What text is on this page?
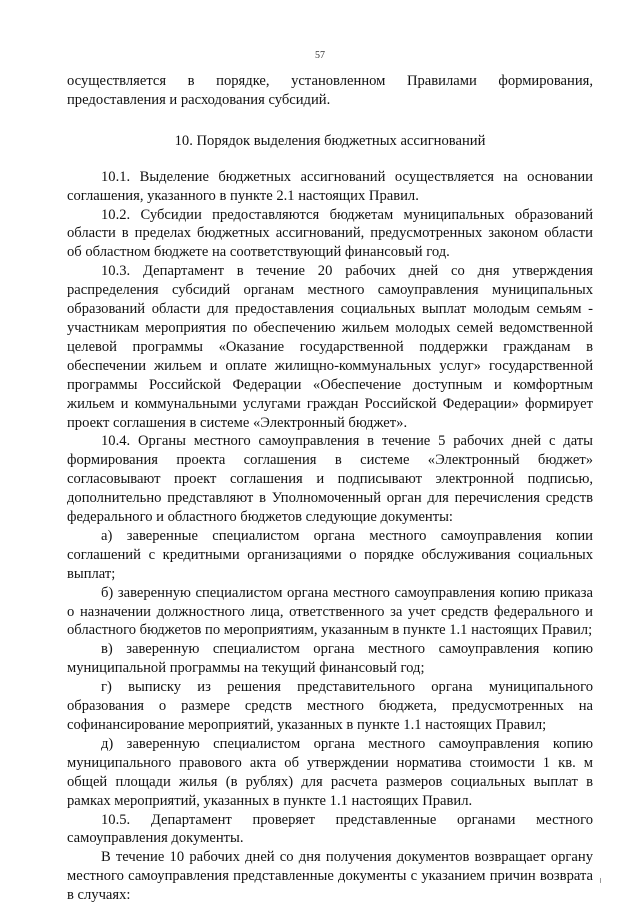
57

осуществляется в порядке, установленном Правилами формирования, предоставления и расходования субсидий.

10. Порядок выделения бюджетных ассигнований

10.1. Выделение бюджетных ассигнований осуществляется на основании соглашения, указанного в пункте 2.1 настоящих Правил.

10.2. Субсидии предоставляются бюджетам муниципальных образований области в пределах бюджетных ассигнований, предусмотренных законом области об областном бюджете на соответствующий финансовый год.

10.3. Департамент в течение 20 рабочих дней со дня утверждения распределения субсидий органам местного самоуправления муниципальных образований области для предоставления социальных выплат молодым семьям - участникам мероприятия по обеспечению жильем молодых семей ведомственной целевой программы «Оказание государственной поддержки гражданам в обеспечении жильем и оплате жилищно-коммунальных услуг» государственной программы Российской Федерации «Обеспечение доступным и комфортным жильем и коммунальными услугами граждан Российской Федерации» формирует проект соглашения в системе «Электронный бюджет».

10.4. Органы местного самоуправления в течение 5 рабочих дней с даты формирования проекта соглашения в системе «Электронный бюджет» согласовывают проект соглашения и подписывают электронной подписью, дополнительно представляют в Уполномоченный орган для перечисления средств федерального и областного бюджетов следующие документы:

а) заверенные специалистом органа местного самоуправления копии соглашений с кредитными организациями о порядке обслуживания социальных выплат;

б) заверенную специалистом органа местного самоуправления копию приказа о назначении должностного лица, ответственного за учет средств федерального и областного бюджетов по мероприятиям, указанным в пункте 1.1 настоящих Правил;

в) заверенную специалистом органа местного самоуправления копию муниципальной программы на текущий финансовый год;

г) выписку из решения представительного органа муниципального образования о размере средств местного бюджета, предусмотренных на софинансирование мероприятий, указанных в пункте 1.1 настоящих Правил;

д) заверенную специалистом органа местного самоуправления копию муниципального правового акта об утверждении норматива стоимости 1 кв. м общей площади жилья (в рублях) для расчета размеров социальных выплат в рамках мероприятий, указанных в пункте 1.1 настоящих Правил.

10.5. Департамент проверяет представленные органами местного самоуправления документы.

В течение 10 рабочих дней со дня получения документов возвращает органу местного самоуправления представленные документы с указанием причин возврата в случаях:
